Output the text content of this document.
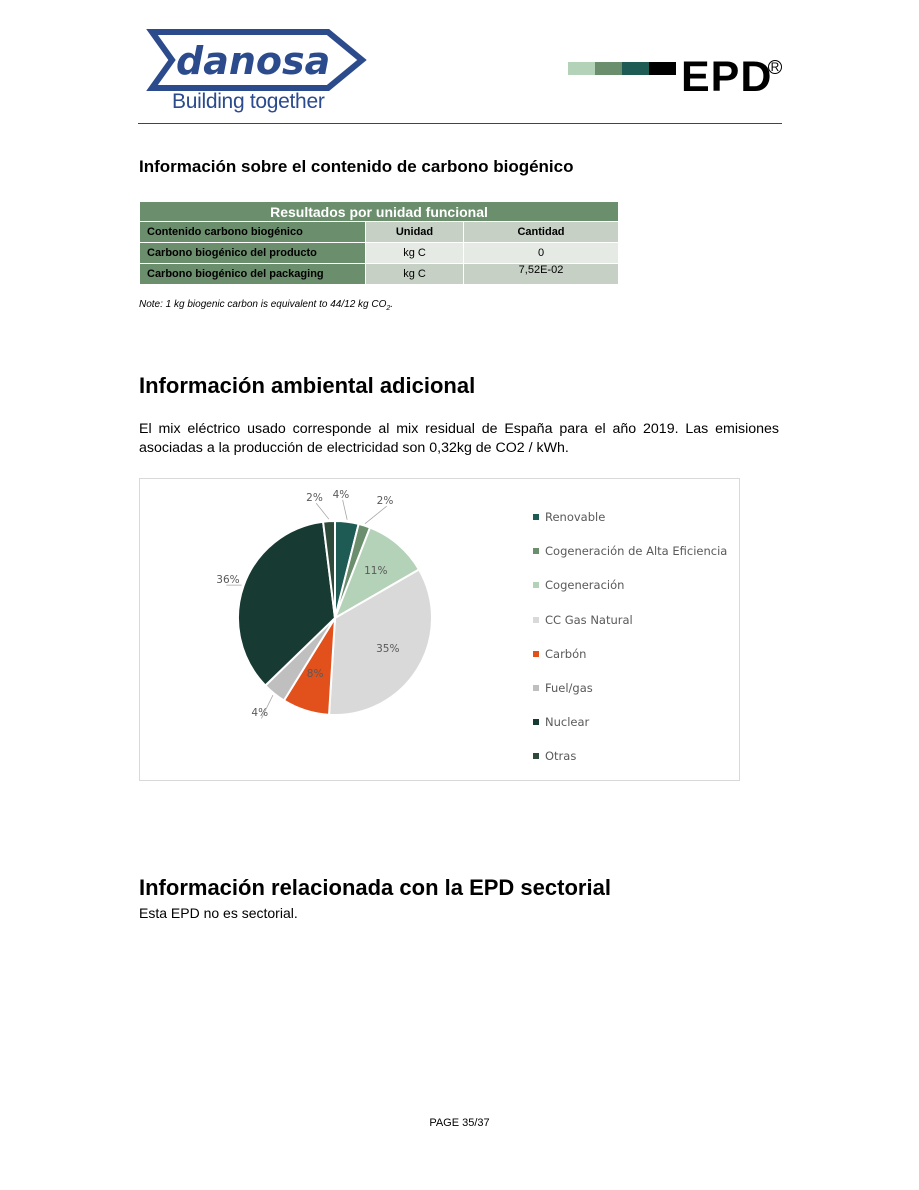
danosa
Building together
EPD
R
Información sobre el contenido de carbono biogénico
Resultados por unidad funcional		
Contenido carbono biogénico	Unidad	Cantidad
Carbono biogénico del producto	kg C	0
Carbono biogénico del packaging	kg C	7,52E-02
Note: 1 kg biogenic carbon is equivalent to 44/12 kg $CO_2$.
Información ambiental adicional
El mix eléctrico usado corresponde al mix residual de España para el año 2019. Las emisiones asociadas a la producción de electricidad son 0,32kg de CO2 / kWh.
4%
2%
11%
35%
8%
4%
36%
2%
Renovable
Cogeneración de Alta Eficiencia
Cogeneración
CC Gas Natural
Carbón
Fuel/gas
Nuclear
Otras
Información relacionada con la EPD sectorial
Esta EPD no es sectorial.
PAGE 35/37
